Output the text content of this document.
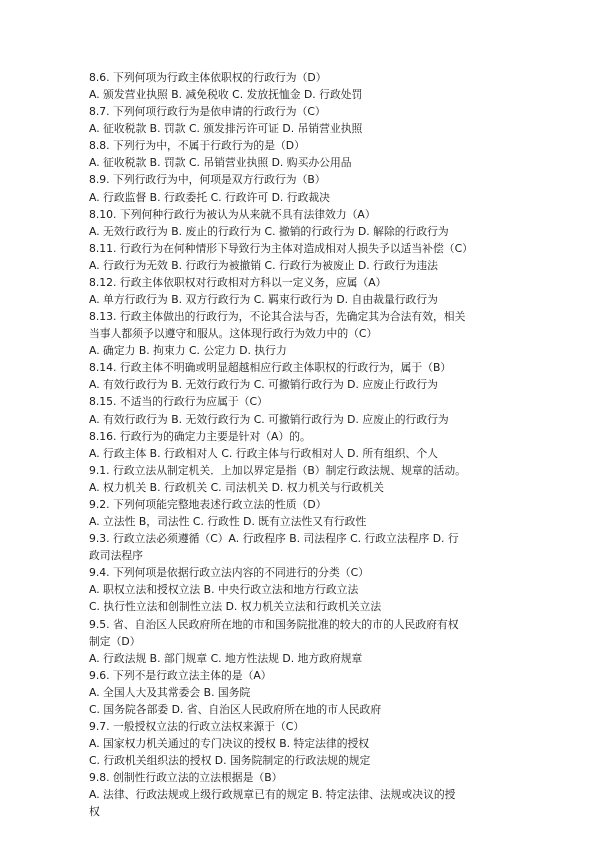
8.6. 下列何项为行政主体依职权的行政行为（D）
A. 颁发营业执照 B. 减免税收 C. 发放抚恤金 D. 行政处罚
8.7. 下列何项行政行为是依申请的行政行为（C）
A. 征收税款 B. 罚款 C. 颁发排污许可证 D. 吊销营业执照
8.8. 下列行为中，不属于行政行为的是（D）
A. 征收税款 B. 罚款 C. 吊销营业执照 D. 购买办公用品
8.9. 下列行政行为中，何项是双方行政行为（B）
A. 行政监督 B. 行政委托 C. 行政许可 D. 行政裁决
8.10. 下列何种行政行为被认为从来就不具有法律效力（A）
A. 无效行政行为 B. 废止的行政行为 C. 撤销的行政行为 D. 解除的行政行为
8.11. 行政行为在何种情形下导致行为主体对造成相对人损失予以适当补偿（C）
A. 行政行为无效 B. 行政行为被撤销 C. 行政行为被废止 D. 行政行为违法
8.12. 行政主体依职权对行政相对方科以一定义务，应属（A）
A. 单方行政行为 B. 双方行政行为 C. 羁束行政行为 D. 自由裁量行政行为
8.13. 行政主体做出的行政行为，不论其合法与否，先确定其为合法有效，相关
当事人都须予以遵守和服从。这体现行政行为效力中的（C）
A. 确定力 B. 拘束力 C. 公定力 D. 执行力
8.14. 行政主体不明确或明显超越相应行政主体职权的行政行为，属于（B）
A. 有效行政行为 B. 无效行政行为 C. 可撤销行政行为 D. 应废止行政行为
8.15. 不适当的行政行为应属于（C）
A. 有效行政行为 B. 无效行政行为 C. 可撤销行政行为 D. 应废止的行政行为
8.16. 行政行为的确定力主要是针对（A）的。
A. 行政主体 B. 行政相对人 C. 行政主体与行政相对人 D. 所有组织、个人
9.1. 行政立法从制定机关．上加以界定是指（B）制定行政法规、规章的活动。
A. 权力机关 B. 行政机关 C. 司法机关 D. 权力机关与行政机关
9.2. 下列何项能完整地表述行政立法的性质（D）
A. 立法性 B，司法性 C. 行政性 D. 既有立法性又有行政性
9.3. 行政立法必须遵循（C）A. 行政程序 B. 司法程序 C. 行政立法程序 D. 行
政司法程序
9.4. 下列何项是依据行政立法内容的不同进行的分类（C）
A. 职权立法和授权立法 B. 中央行政立法和地方行政立法
C. 执行性立法和创制性立法 D. 权力机关立法和行政机关立法
9.5. 省、自治区人民政府所在地的市和国务院批准的较大的市的人民政府有权
制定（D）
A. 行政法规 B. 部门规章 C. 地方性法规 D. 地方政府规章
9.6. 下列不是行政立法主体的是（A）
A. 全国人大及其常委会 B. 国务院
C. 国务院各部委 D. 省、自治区人民政府所在地的市人民政府
9.7. 一般授权立法的行政立法权来源于（C）
A. 国家权力机关通过的专门决议的授权 B. 特定法律的授权
C. 行政机关组织法的授权 D. 国务院制定的行政法规的规定
9.8. 创制性行政立法的立法根据是（B）
A. 法律、行政法规或上级行政规章已有的规定 B. 特定法律、法规或决议的授
权
